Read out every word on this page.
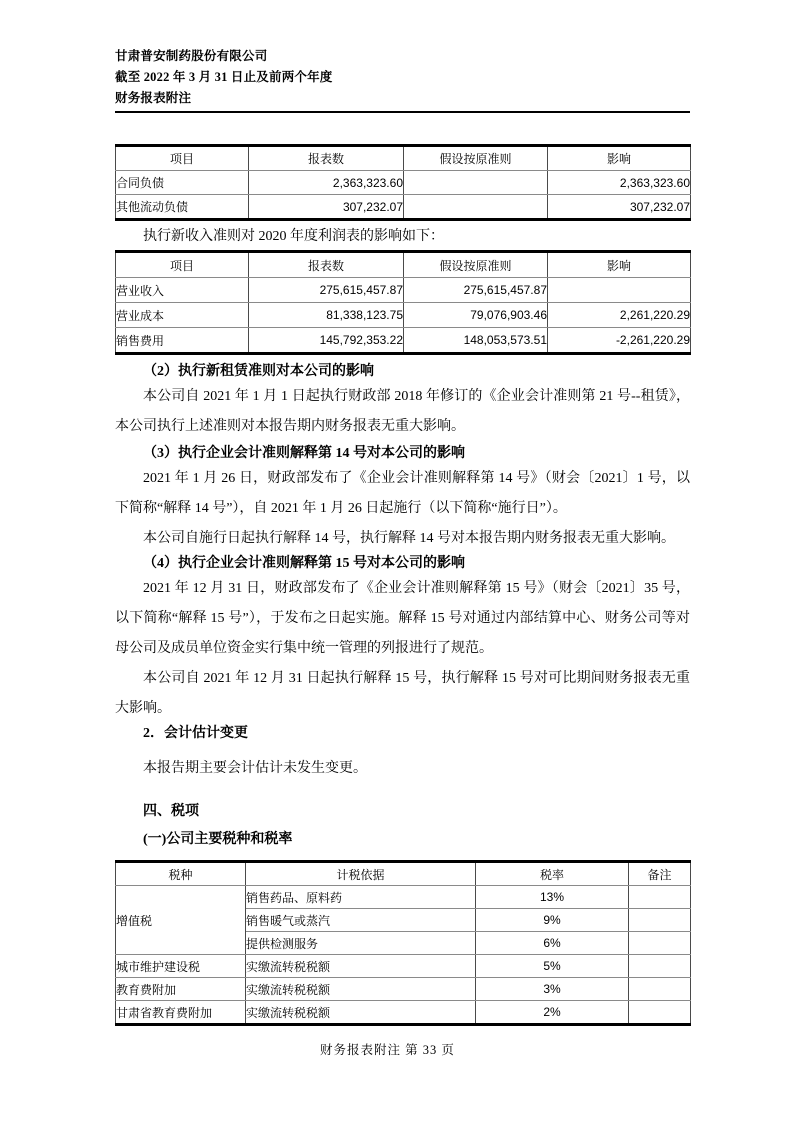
甘肃普安制药股份有限公司
截至 2022 年 3 月 31 日止及前两个年度
财务报表附注
项目	报表数	假设按原准则	影响
合同负债	2,363,323.60		2,363,323.60
其他流动负债	307,232.07		307,232.07

执行新收入准则对 2020 年度利润表的影响如下：

项目	报表数	假设按原准则	影响
营业收入	275,615,457.87	275,615,457.87	
营业成本	81,338,123.75	79,076,903.46	2,261,220.29
销售费用	145,792,353.22	148,053,573.51	-2,261,220.29
（2）执行新租赁准则对本公司的影响

本公司自 2021 年 1 月 1 日起执行财政部 2018 年修订的《企业会计准则第 21 号--租赁》，本公司执行上述准则对本报告期内财务报表无重大影响。

（3）执行企业会计准则解释第 14 号对本公司的影响

2021 年 1 月 26 日，财政部发布了《企业会计准则解释第 14 号》（财会〔2021〕1 号，以下简称“解释 14 号”），自 2021 年 1 月 26 日起施行（以下简称“施行日”）。

本公司自施行日起执行解释 14 号，执行解释 14 号对本报告期内财务报表无重大影响。

（4）执行企业会计准则解释第 15 号对本公司的影响

2021 年 12 月 31 日，财政部发布了《企业会计准则解释第 15 号》（财会〔2021〕35 号，以下简称“解释 15 号”），于发布之日起实施。解释 15 号对通过内部结算中心、财务公司等对母公司及成员单位资金实行集中统一管理的列报进行了规范。

本公司自 2021 年 12 月 31 日起执行解释 15 号，执行解释 15 号对可比期间财务报表无重大影响。

2．会计估计变更

本报告期主要会计估计未发生变更。

四、税项
(一)公司主要税种和税率
税种	计税依据	税率	备注
增值税	销售药品、原料药	13%	
	销售暖气或蒸汽	9%	
	提供检测服务	6%	
城市维护建设税	实缴流转税税额	5%	
教育费附加	实缴流转税税额	3%	
甘肃省教育费附加	实缴流转税税额	2%	
财务报表附注 第 33 页
